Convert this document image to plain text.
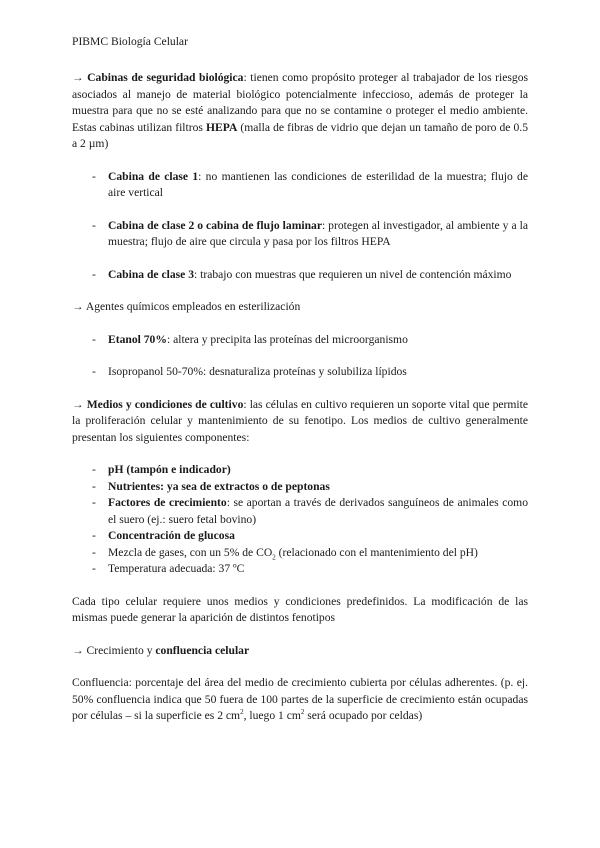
PIBMC Biología Celular

→ Cabinas de seguridad biológica: tienen como propósito proteger al trabajador de los riesgos asociados al manejo de material biológico potencialmente infeccioso, además de proteger la muestra para que no se esté analizando para que no se contamine o proteger el medio ambiente. Estas cabinas utilizan filtros HEPA (malla de fibras de vidrio que dejan un tamaño de poro de 0.5 a 2 µm)

- Cabina de clase 1: no mantienen las condiciones de esterilidad de la muestra; flujo de aire vertical
- Cabina de clase 2 o cabina de flujo laminar: protegen al investigador, al ambiente y a la muestra; flujo de aire que circula y pasa por los filtros HEPA
- Cabina de clase 3: trabajo con muestras que requieren un nivel de contención máximo

→ Agentes químicos empleados en esterilización

- Etanol 70%: altera y precipita las proteínas del microorganismo
- Isopropanol 50-70%: desnaturaliza proteínas y solubiliza lípidos

→ Medios y condiciones de cultivo: las células en cultivo requieren un soporte vital que permite la proliferación celular y mantenimiento de su fenotipo. Los medios de cultivo generalmente presentan los siguientes componentes:

- pH (tampón e indicador)
- Nutrientes: ya sea de extractos o de peptonas
- Factores de crecimiento: se aportan a través de derivados sanguíneos de animales como el suero (ej.: suero fetal bovino)
- Concentración de glucosa
- Mezcla de gases, con un 5% de $CO_2$ (relacionado con el mantenimiento del pH)
- Temperatura adecuada: 37 ºC

Cada tipo celular requiere unos medios y condiciones predefinidos. La modificación de las mismas puede generar la aparición de distintos fenotipos

→ Crecimiento y confluencia celular

Confluencia: porcentaje del área del medio de crecimiento cubierta por células adherentes. (p. ej. 50% confluencia indica que 50 fuera de 100 partes de la superficie de crecimiento están ocupadas por células – si la superficie es 2 $cm^2$, luego 1 $cm^2$ será ocupado por celdas)
